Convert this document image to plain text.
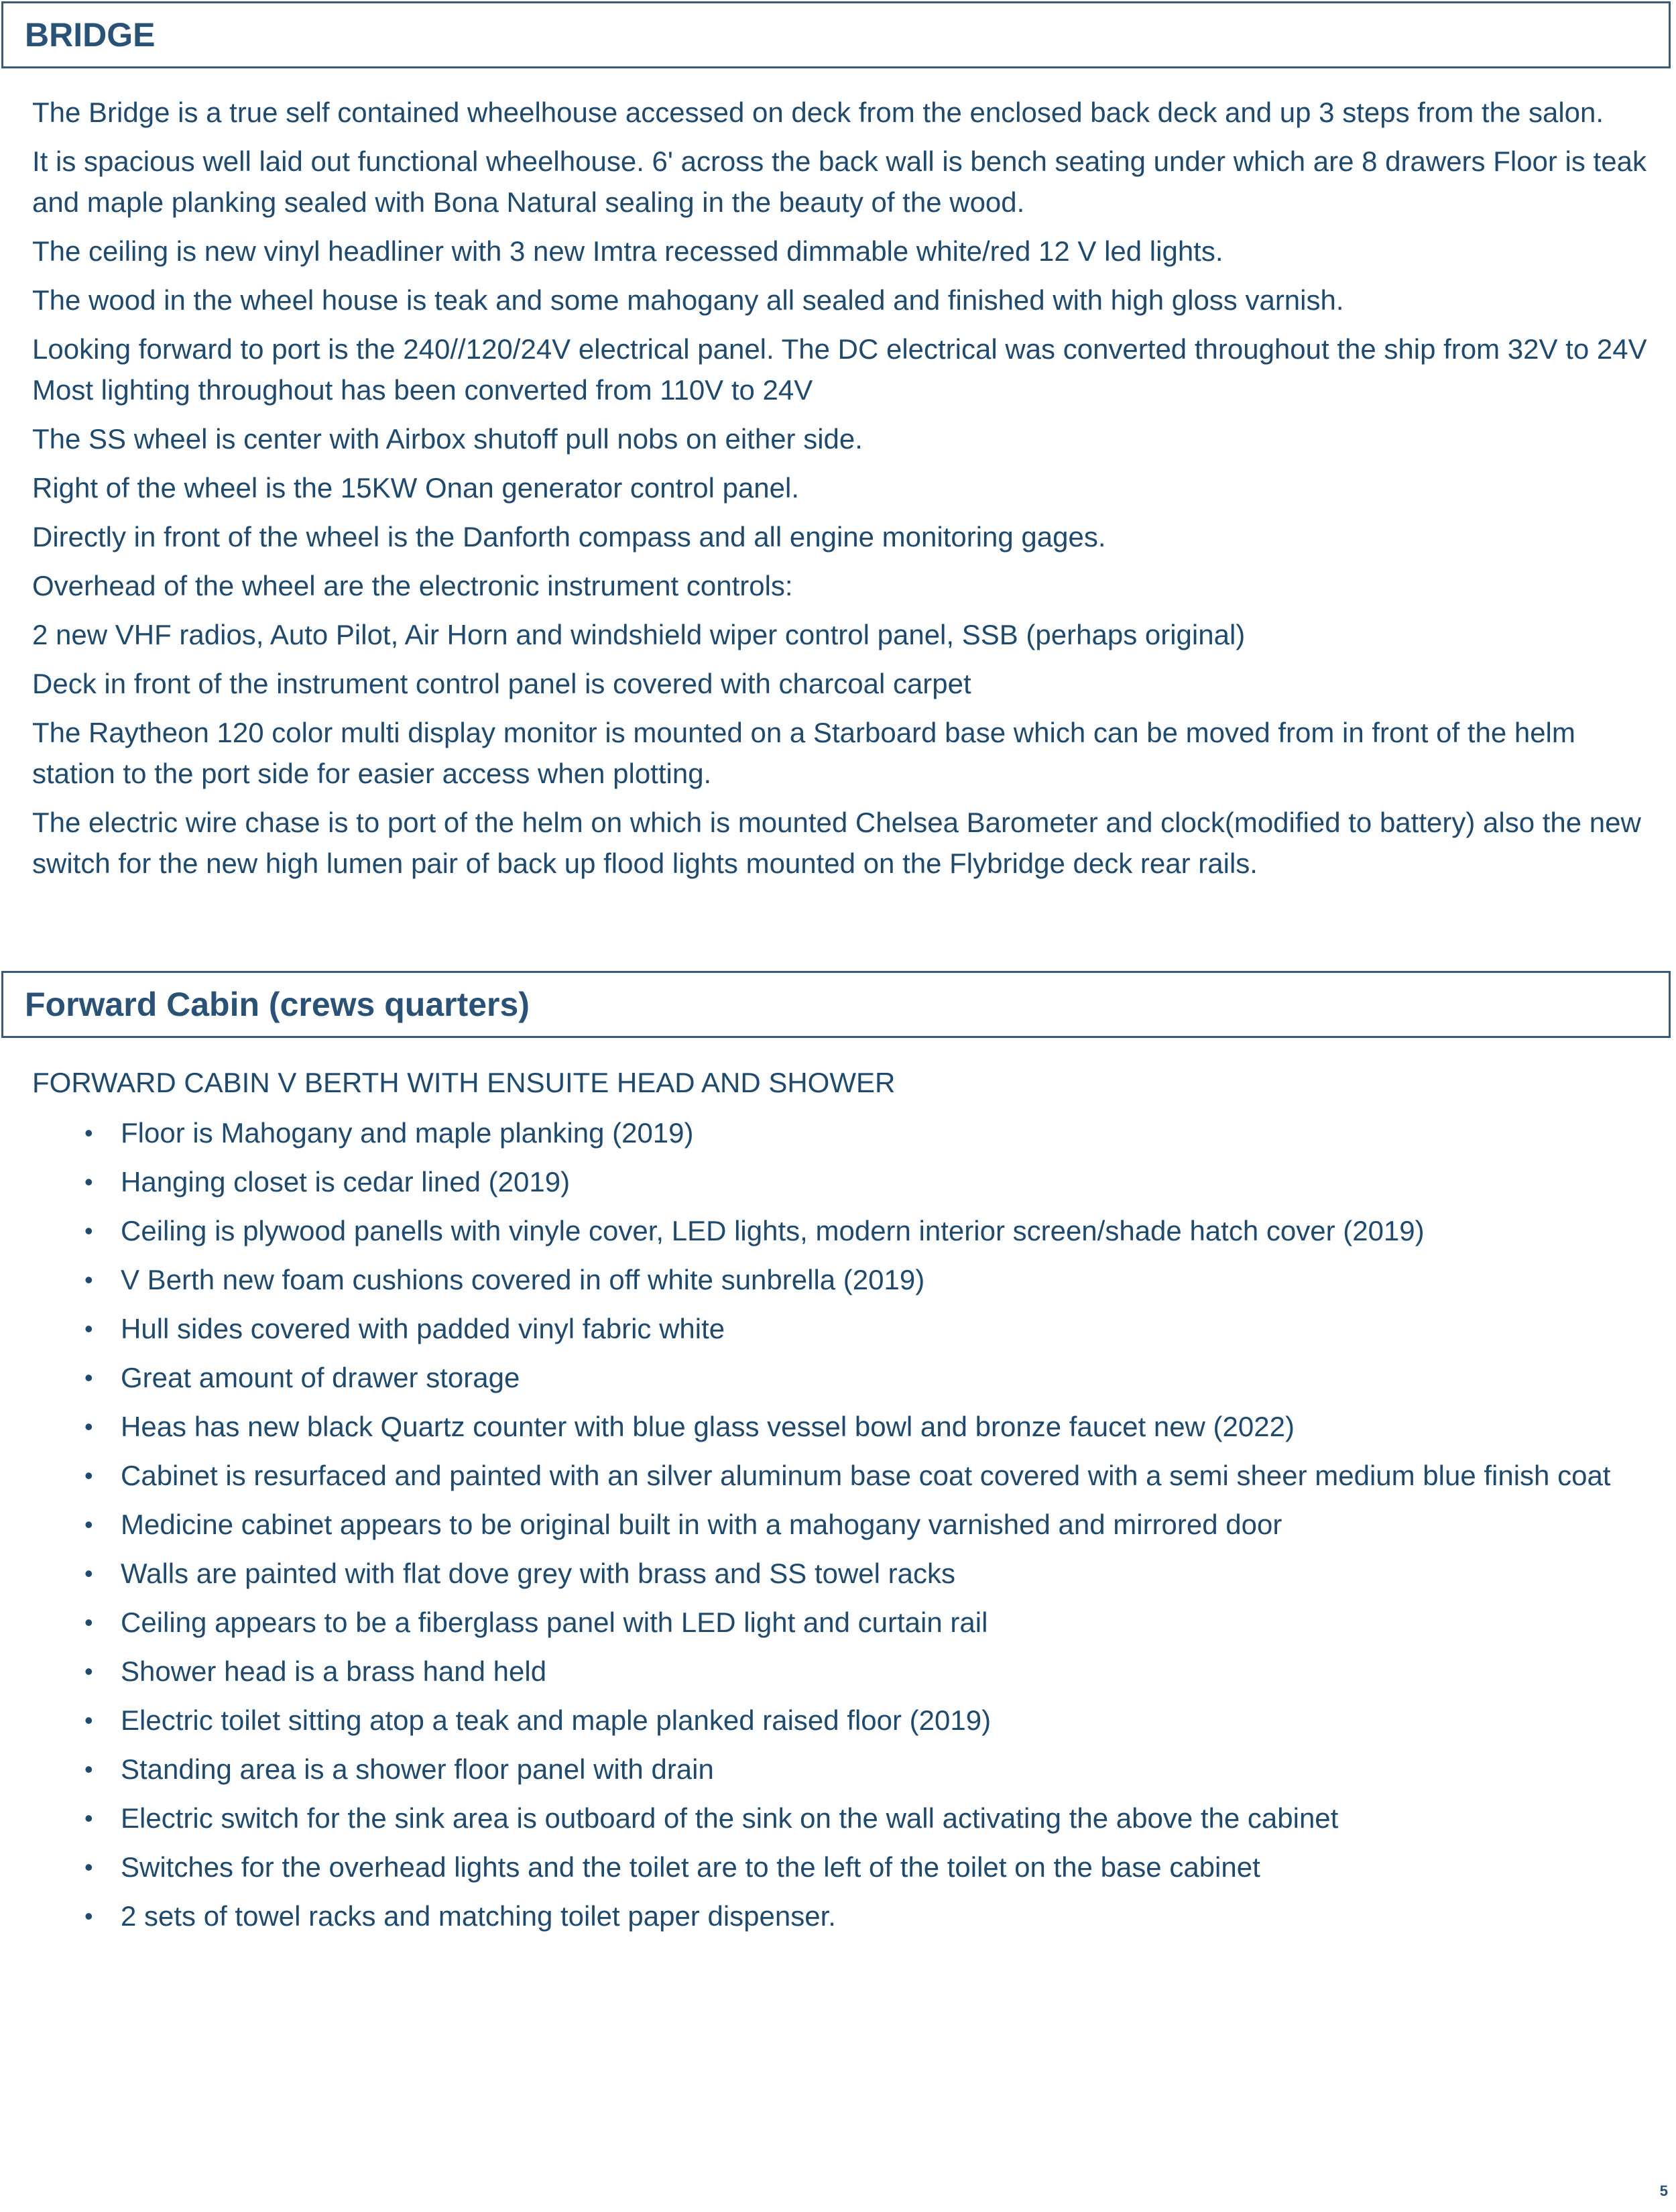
BRIDGE

The Bridge is a true self contained wheelhouse accessed on deck from the enclosed back deck and up 3 steps from the salon.

It is spacious well laid out functional wheelhouse. 6' across the back wall is bench seating under which are 8 drawers Floor is teak and maple planking sealed with Bona Natural sealing in the beauty of the wood.

The ceiling is new vinyl headliner with 3 new Imtra recessed dimmable white/red 12 V led lights.

The wood in the wheel house is teak and some mahogany all sealed and finished with high gloss varnish.

Looking forward to port is the 240//120/24V electrical panel. The DC electrical was converted throughout the ship from 32V to 24V Most lighting throughout has been converted from 110V to 24V

The SS wheel is center with Airbox shutoff pull nobs on either side.

Right of the wheel is the 15KW Onan generator control panel.

Directly in front of the wheel is the Danforth compass and all engine monitoring gages.

Overhead of the wheel are the electronic instrument controls:

2 new VHF radios, Auto Pilot, Air Horn and windshield wiper control panel, SSB (perhaps original)

Deck in front of the instrument control panel is covered with charcoal carpet

The Raytheon 120 color multi display monitor is mounted on a Starboard base which can be moved from in front of the helm station to the port side for easier access when plotting.

The electric wire chase is to port of the helm on which is mounted Chelsea Barometer and clock(modified to battery) also the new switch for the new high lumen pair of back up flood lights mounted on the Flybridge deck rear rails.

Forward Cabin (crews quarters)

FORWARD CABIN V BERTH WITH ENSUITE HEAD AND SHOWER

• Floor is Mahogany and maple planking (2019)
• Hanging closet is cedar lined (2019)
• Ceiling is plywood panells with vinyle cover, LED lights, modern interior screen/shade hatch cover (2019)
• V Berth new foam cushions covered in off white sunbrella (2019)
• Hull sides covered with padded vinyl fabric white
• Great amount of drawer storage
• Heas has new black Quartz counter with blue glass vessel bowl and bronze faucet new (2022)
• Cabinet is resurfaced and painted with an silver aluminum base coat covered with a semi sheer medium blue finish coat
• Medicine cabinet appears to be original built in with a mahogany varnished and mirrored door
• Walls are painted with flat dove grey with brass and SS towel racks
• Ceiling appears to be a fiberglass panel with LED light and curtain rail
• Shower head is a brass hand held
• Electric toilet sitting atop a teak and maple planked raised floor (2019)
• Standing area is a shower floor panel with drain
• Electric switch for the sink area is outboard of the sink on the wall activating the above the cabinet
• Switches for the overhead lights and the toilet are to the left of the toilet on the base cabinet
• 2 sets of towel racks and matching toilet paper dispenser.
5
